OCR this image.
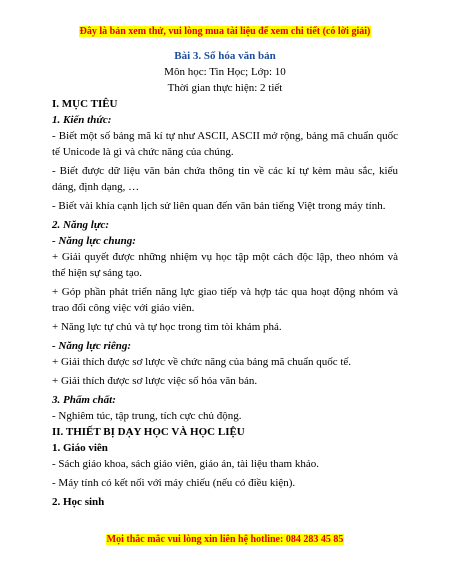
Đây là bản xem thử, vui lòng mua tài liệu để xem chi tiết (có lời giải)
Bài 3. Số hóa văn bản
Môn học: Tin Học; Lớp: 10
Thời gian thực hiện: 2 tiết
I. MỤC TIÊU
1. Kiến thức:
- Biết một số bảng mã kí tự như ASCII, ASCII mở rộng, bảng mã chuẩn quốc tế Unicode là gì và chức năng của chúng.
- Biết được dữ liệu văn bản chứa thông tin về các kí tự kèm màu sắc, kiểu dáng, định dạng, …
- Biết vài khía cạnh lịch sử liên quan đến văn bản tiếng Việt trong máy tính.
2. Năng lực:
- Năng lực chung:
+ Giải quyết được những nhiệm vụ học tập một cách độc lập, theo nhóm và thể hiện sự sáng tạo.
+ Góp phần phát triển năng lực giao tiếp và hợp tác qua hoạt động nhóm và trao đổi công việc với giáo viên.
+ Năng lực tự chủ và tự học trong tìm tòi khám phá.
- Năng lực riêng:
+ Giải thích được sơ lược về chức năng của bảng mã chuẩn quốc tế.
+ Giải thích được sơ lược việc số hóa văn bản.
3. Phẩm chất:
- Nghiêm túc, tập trung, tích cực chủ động.
II. THIẾT BỊ DẠY HỌC VÀ HỌC LIỆU
1. Giáo viên
- Sách giáo khoa, sách giáo viên, giáo án, tài liệu tham khảo.
- Máy tính có kết nối với máy chiếu (nếu có điều kiện).
2. Học sinh
Mọi thắc mắc vui lòng xin liên hệ hotline: 084 283 45 85
